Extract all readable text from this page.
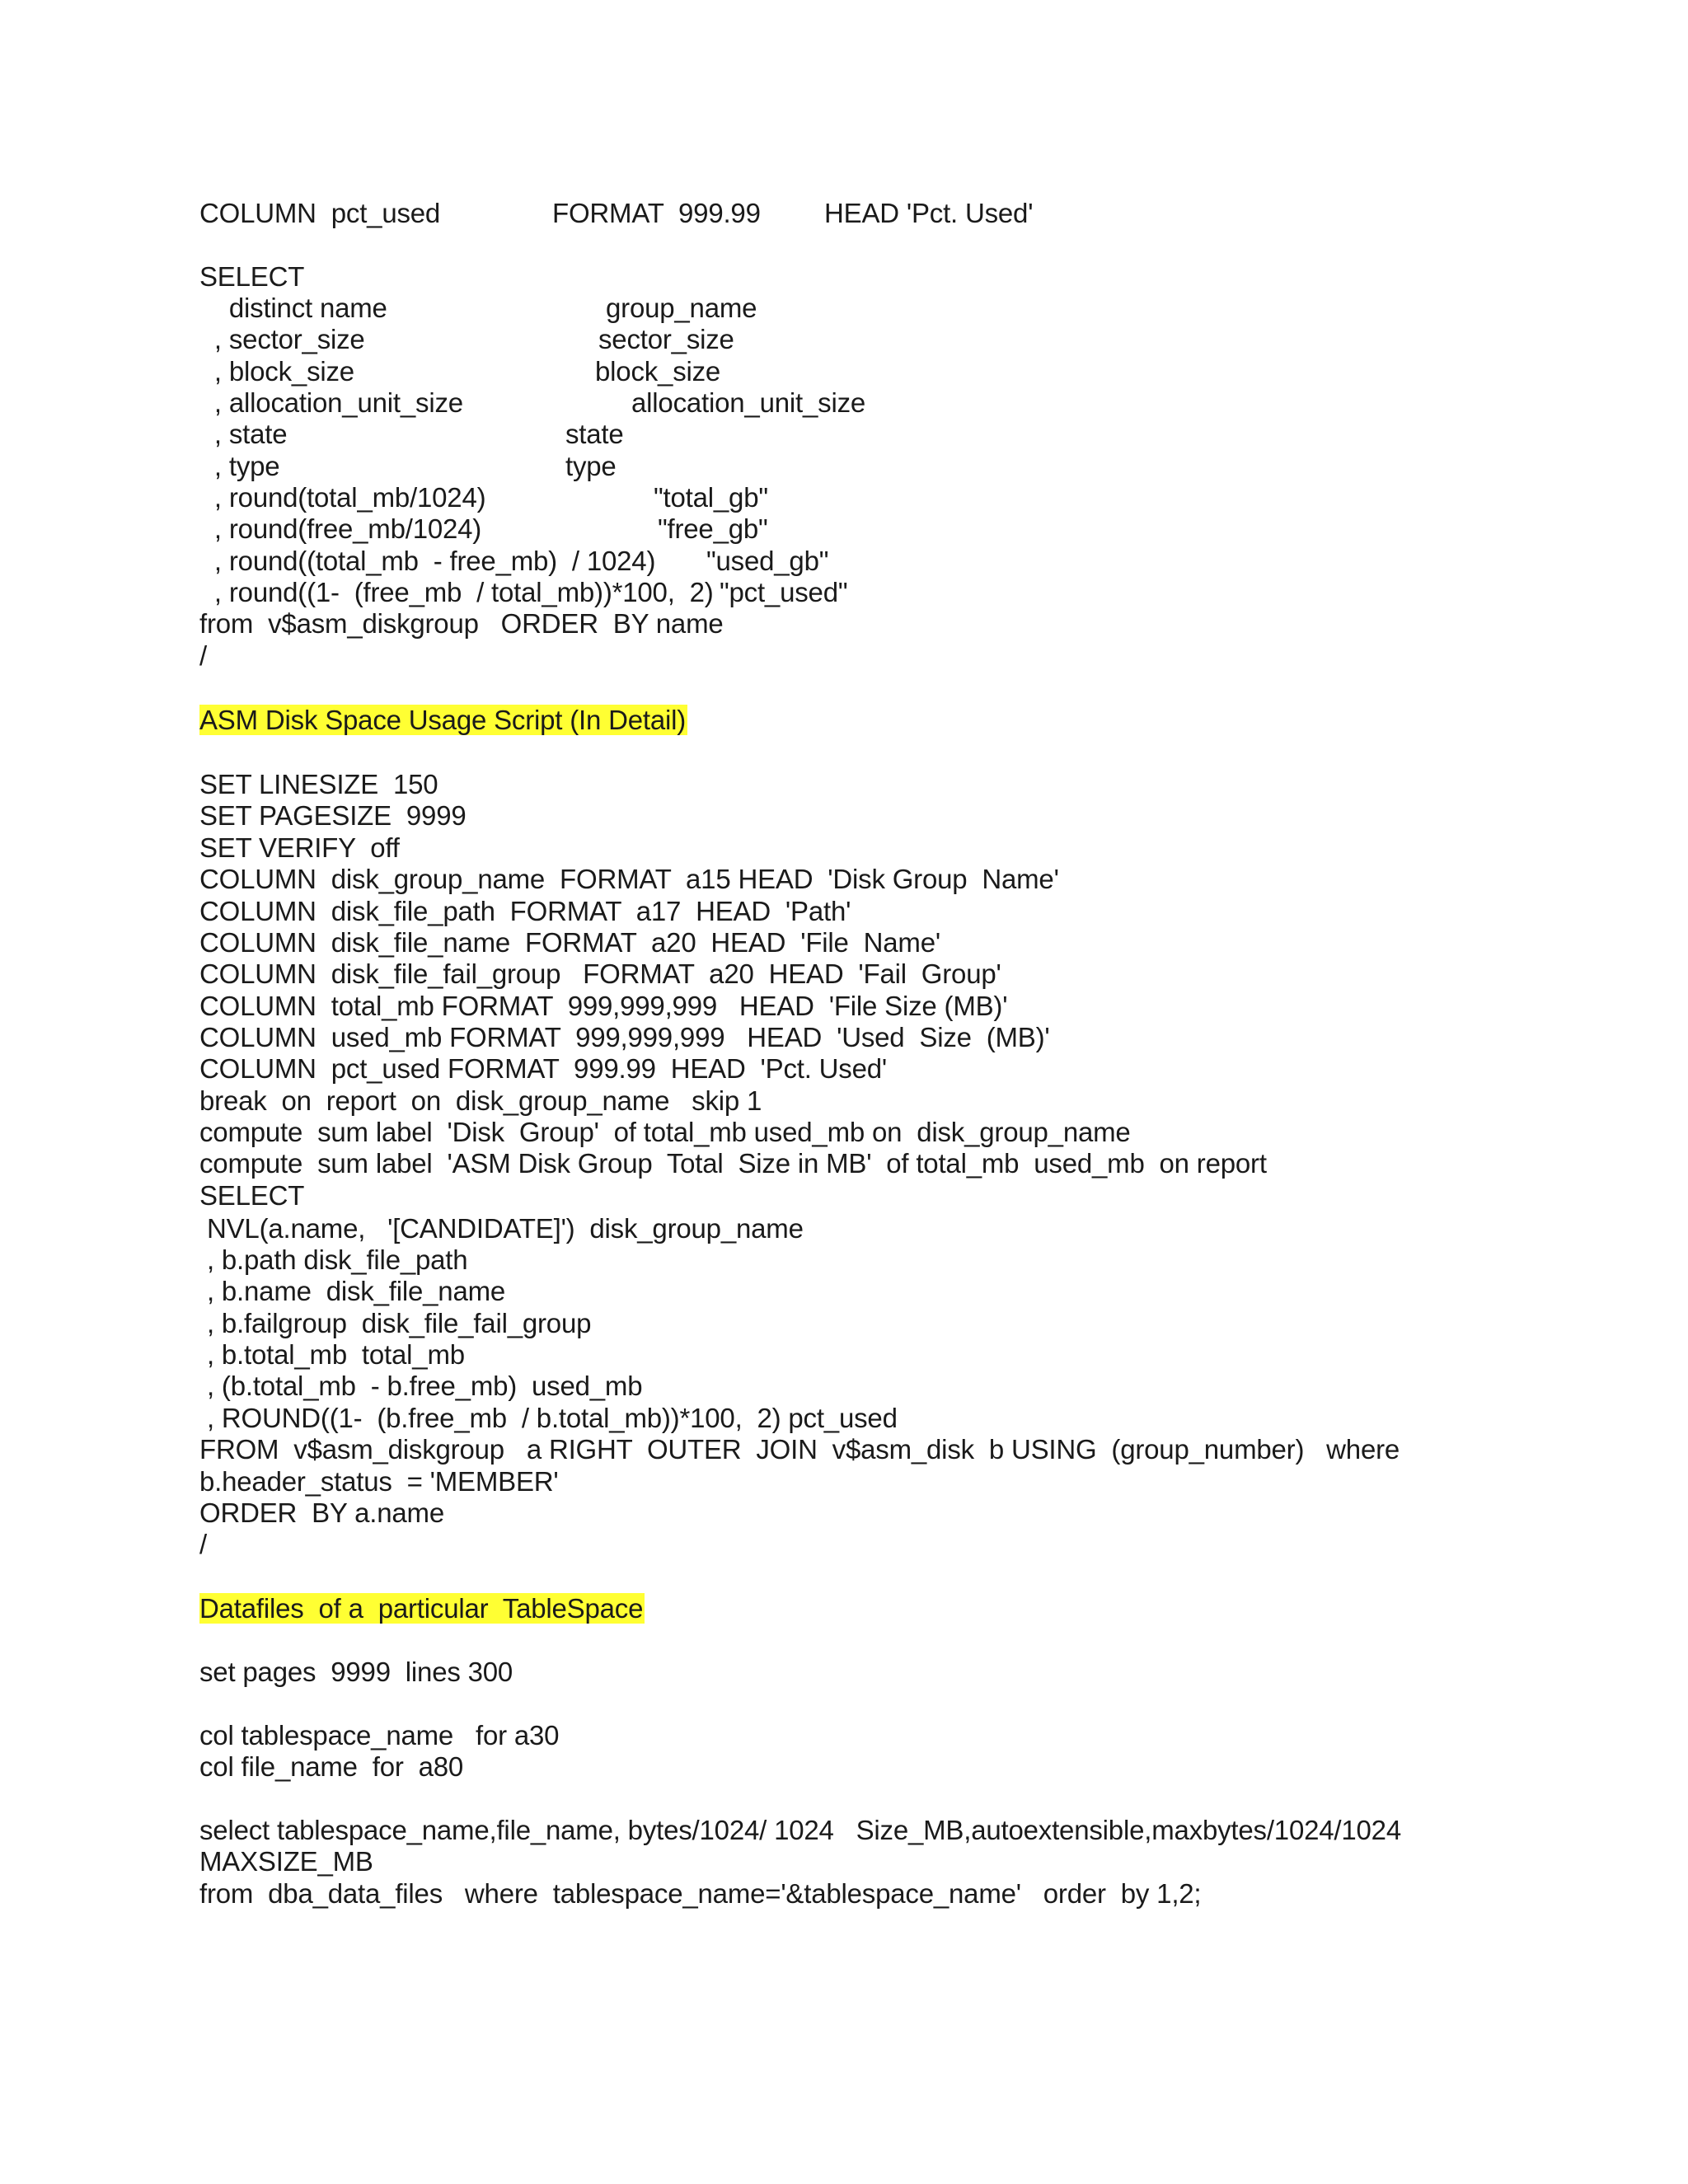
COLUMN  pct_used	FORMAT  999.99 HEAD 'Pct. Used'
SELECT
distinct name	group_name
, sector_size	sector_size
, block_size	block_size
, allocation_unit_size	allocation_unit_size
, state	state
, type	type
, round(total_mb/1024)	"total_gb"
, round(free_mb/1024)	"free_gb"
, round((total_mb  - free_mb)  / 1024) "used_gb"
, round((1-  (free_mb  / total_mb))*100,  2) "pct_used"
from  v$asm_diskgroup   ORDER  BY name
/
ASM Disk Space Usage Script (In Detail)
SET LINESIZE  150
SET PAGESIZE  9999
SET VERIFY  off
COLUMN  disk_group_name  FORMAT  a15 HEAD  'Disk Group  Name'
COLUMN  disk_file_path  FORMAT  a17  HEAD  'Path'
COLUMN  disk_file_name  FORMAT  a20  HEAD  'File  Name'
COLUMN  disk_file_fail_group   FORMAT  a20  HEAD  'Fail  Group'
COLUMN  total_mb FORMAT  999,999,999   HEAD  'File Size (MB)'
COLUMN  used_mb FORMAT  999,999,999   HEAD  'Used  Size  (MB)'
COLUMN  pct_used FORMAT  999.99  HEAD  'Pct. Used'
break  on  report  on  disk_group_name   skip 1
compute  sum label  'Disk  Group'  of total_mb used_mb on  disk_group_name
compute  sum label  'ASM Disk Group  Total  Size in MB'  of total_mb  used_mb  on report
SELECT
NVL(a.name,   '[CANDIDATE]')  disk_group_name
, b.path disk_file_path
, b.name  disk_file_name
, b.failgroup  disk_file_fail_group
, b.total_mb  total_mb
, (b.total_mb  - b.free_mb)  used_mb
, ROUND((1-  (b.free_mb  / b.total_mb))*100,  2) pct_used
FROM  v$asm_diskgroup   a RIGHT  OUTER  JOIN  v$asm_disk  b USING  (group_number)   where
b.header_status  = 'MEMBER'
ORDER  BY a.name
/
Datafiles  of a  particular  TableSpace
set pages  9999  lines 300
col tablespace_name   for a30
col file_name  for  a80
select tablespace_name,file_name, bytes/1024/ 1024   Size_MB,autoextensible,maxbytes/1024/1024
MAXSIZE_MB
from  dba_data_files   where  tablespace_name='&tablespace_name'   order  by 1,2;
